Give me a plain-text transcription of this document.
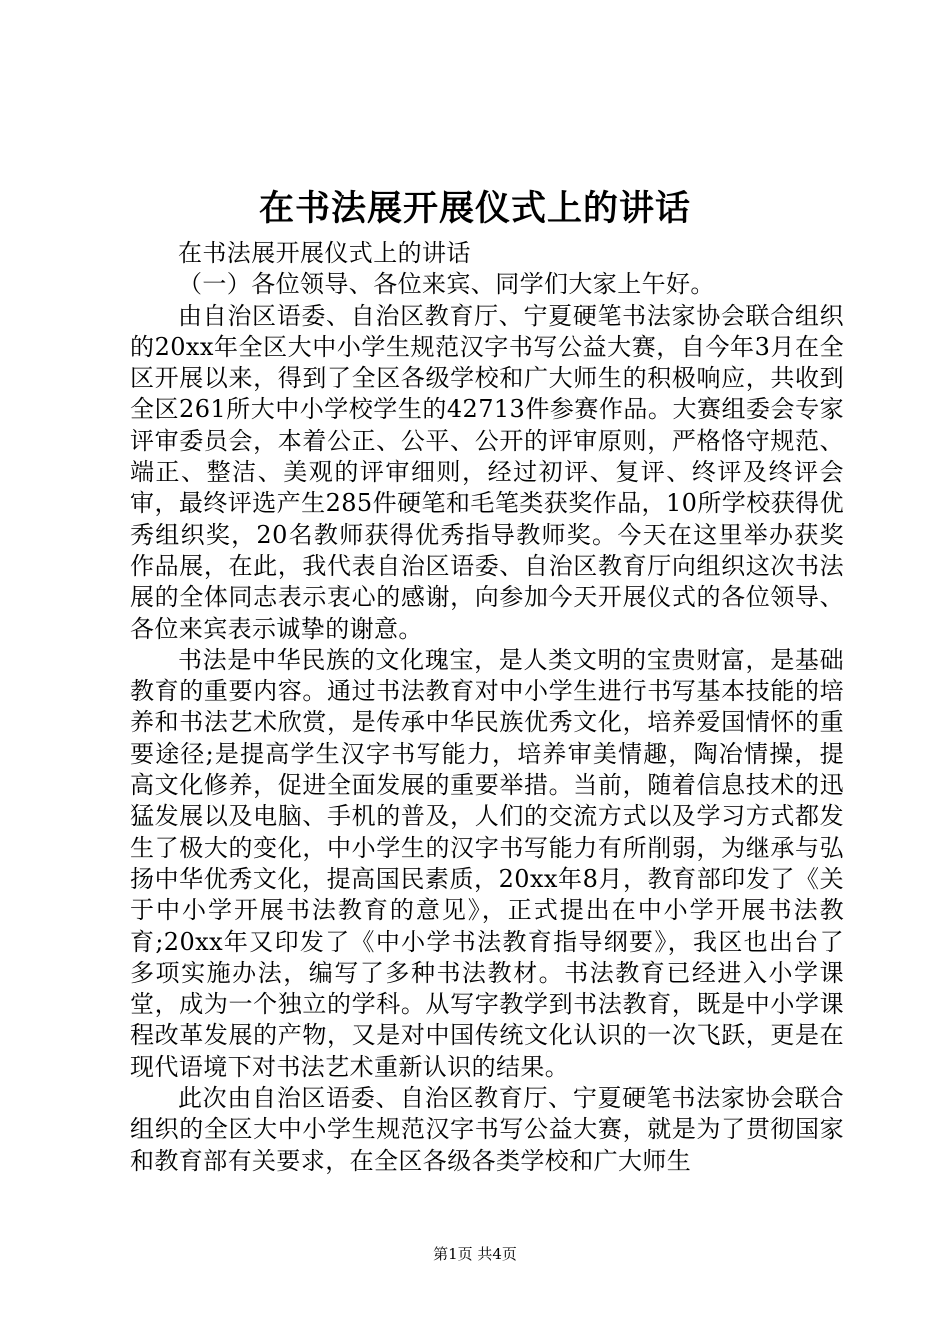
在书法展开展仪式上的讲话

在书法展开展仪式上的讲话

（一）各位领导、各位来宾、同学们大家上午好。

由自治区语委、自治区教育厅、宁夏硬笔书法家协会联合组织的20xx年全区大中小学生规范汉字书写公益大赛，自今年3月在全区开展以来，得到了全区各级学校和广大师生的积极响应，共收到全区261所大中小学校学生的42713件参赛作品。大赛组委会专家评审委员会，本着公正、公平、公开的评审原则，严格恪守规范、端正、整洁、美观的评审细则，经过初评、复评、终评及终评会审，最终评选产生285件硬笔和毛笔类获奖作品，10所学校获得优秀组织奖，20名教师获得优秀指导教师奖。今天在这里举办获奖作品展，在此，我代表自治区语委、自治区教育厅向组织这次书法展的全体同志表示衷心的感谢，向参加今天开展仪式的各位领导、各位来宾表示诚挚的谢意。

书法是中华民族的文化瑰宝，是人类文明的宝贵财富，是基础教育的重要内容。通过书法教育对中小学生进行书写基本技能的培养和书法艺术欣赏，是传承中华民族优秀文化，培养爱国情怀的重要途径;是提高学生汉字书写能力，培养审美情趣，陶冶情操，提高文化修养，促进全面发展的重要举措。当前，随着信息技术的迅猛发展以及电脑、手机的普及，人们的交流方式以及学习方式都发生了极大的变化，中小学生的汉字书写能力有所削弱，为继承与弘扬中华优秀文化，提高国民素质，20xx年8月，教育部印发了《关于中小学开展书法教育的意见》，正式提出在中小学开展书法教育;20xx年又印发了《中小学书法教育指导纲要》，我区也出台了多项实施办法，编写了多种书法教材。书法教育已经进入小学课堂，成为一个独立的学科。从写字教学到书法教育，既是中小学课程改革发展的产物，又是对中国传统文化认识的一次飞跃，更是在现代语境下对书法艺术重新认识的结果。

此次由自治区语委、自治区教育厅、宁夏硬笔书法家协会联合组织的全区大中小学生规范汉字书写公益大赛，就是为了贯彻国家和教育部有关要求，在全区各级各类学校和广大师生

第1页 共4页
